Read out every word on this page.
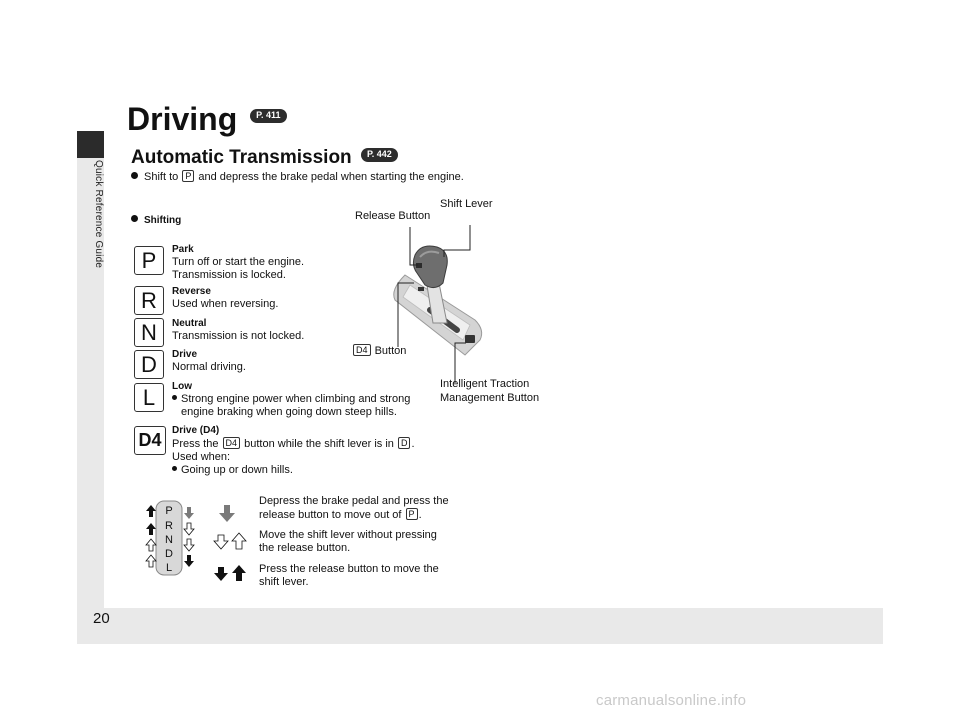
Quick Reference Guide
20
carmanualsonline.info
Driving P. 411
Automatic Transmission P. 442
Shift to P and depress the brake pedal when starting the engine.
Shifting
P	Park
Turn off or start the engine.
Transmission is locked.
R	Reverse
Used when reversing.
N	Neutral
Transmission is not locked.
D	Drive
Normal driving.
L	Low
Strong engine power when climbing and strong
engine braking when going down steep hills.
D4	Drive (D4)
Press the D4 button while the shift lever is in D .
Used when:
Going up or down hills.
Release Button
Shift Lever
D4 Button
Intelligent Traction
Management Button
P
R
N
D
L
Depress the brake pedal and press the
release button to move out of P .
Move the shift lever without pressing
the release button.
Press the release button to move the
shift lever.
